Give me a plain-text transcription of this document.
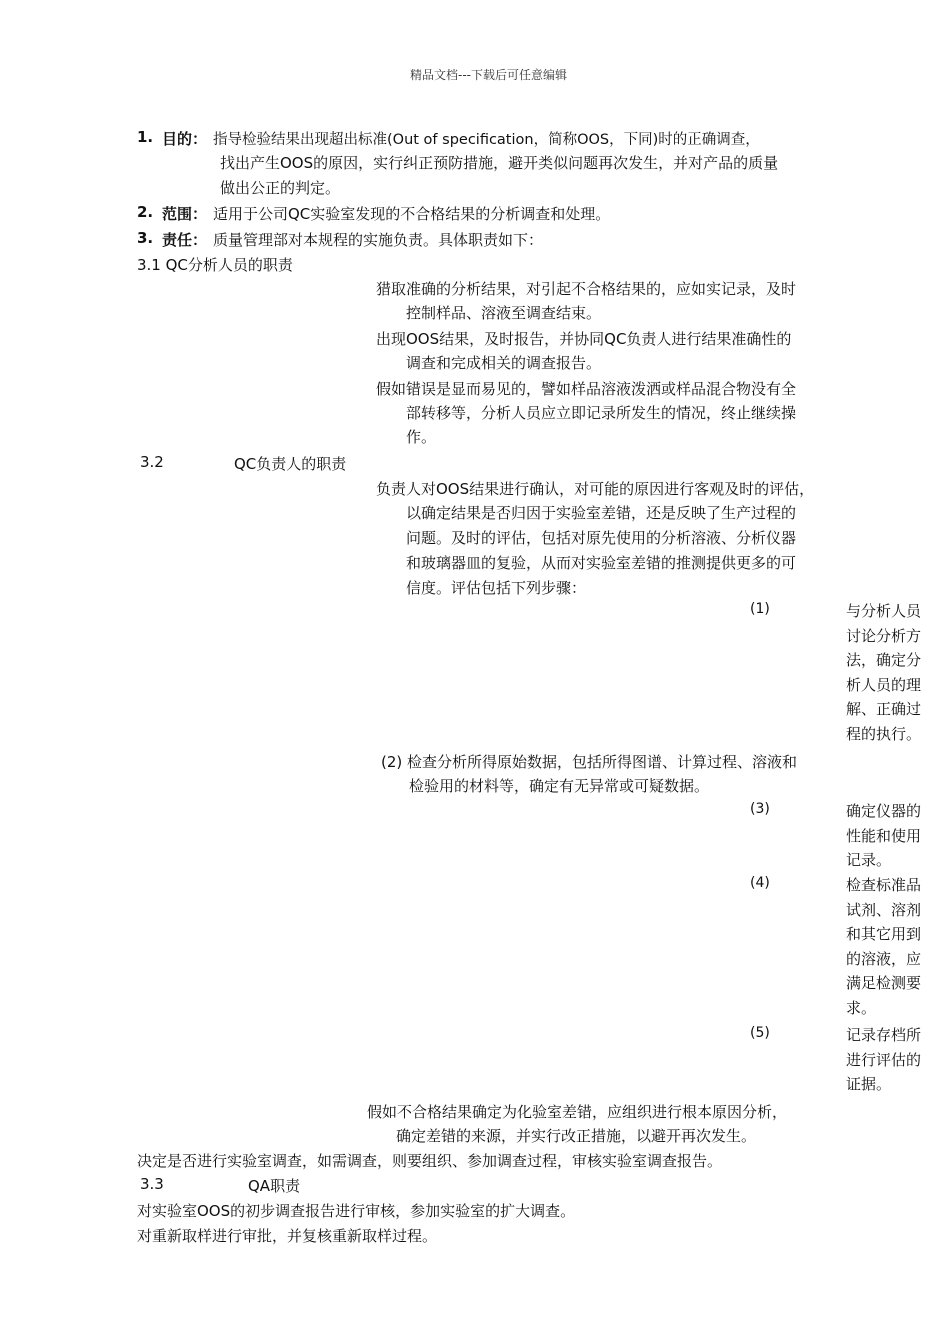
精品文档---下载后可任意编辑
1. 目的： 指导检验结果出现超出标准(Out of specification，简称OOS，下同)时的正确调查，
找出产生OOS的原因，实行纠正预防措施，避开类似问题再次发生，并对产品的质量
做出公正的判定。
2. 范围： 适用于公司QC实验室发现的不合格结果的分析调查和处理。
3. 责任： 质量管理部对本规程的实施负责。具体职责如下：
3.1 QC分析人员的职责
猎取准确的分析结果，对引起不合格结果的，应如实记录，及时
控制样品、溶液至调查结束。
出现OOS结果，及时报告，并协同QC负责人进行结果准确性的
调查和完成相关的调查报告。
假如错误是显而易见的，譬如样品溶液泼洒或样品混合物没有全
部转移等，分析人员应立即记录所发生的情况，终止继续操
作。
3.2	QC负责人的职责
负责人对OOS结果进行确认，对可能的原因进行客观及时的评估，
以确定结果是否归因于实验室差错，还是反映了生产过程的
问题。及时的评估，包括对原先使用的分析溶液、分析仪器
和玻璃器皿的复验，从而对实验室差错的推测提供更多的可
信度。评估包括下列步骤：
(1)	与分析人员
讨论分析方
法，确定分
析人员的理
解、正确过
程的执行。
(2) 检查分析所得原始数据，包括所得图谱、计算过程、溶液和
检验用的材料等，确定有无异常或可疑数据。
(3)	确定仪器的
性能和使用
记录。
(4)	检查标准品
试剂、溶剂
和其它用到
的溶液，应
满足检测要
求。
(5)	记录存档所
进行评估的
证据。
假如不合格结果确定为化验室差错，应组织进行根本原因分析，
确定差错的来源，并实行改正措施，以避开再次发生。
决定是否进行实验室调查，如需调查，则要组织、参加调查过程，审核实验室调查报告。
3.3	QA职责
对实验室OOS的初步调查报告进行审核，参加实验室的扩大调查。
对重新取样进行审批，并复核重新取样过程。
